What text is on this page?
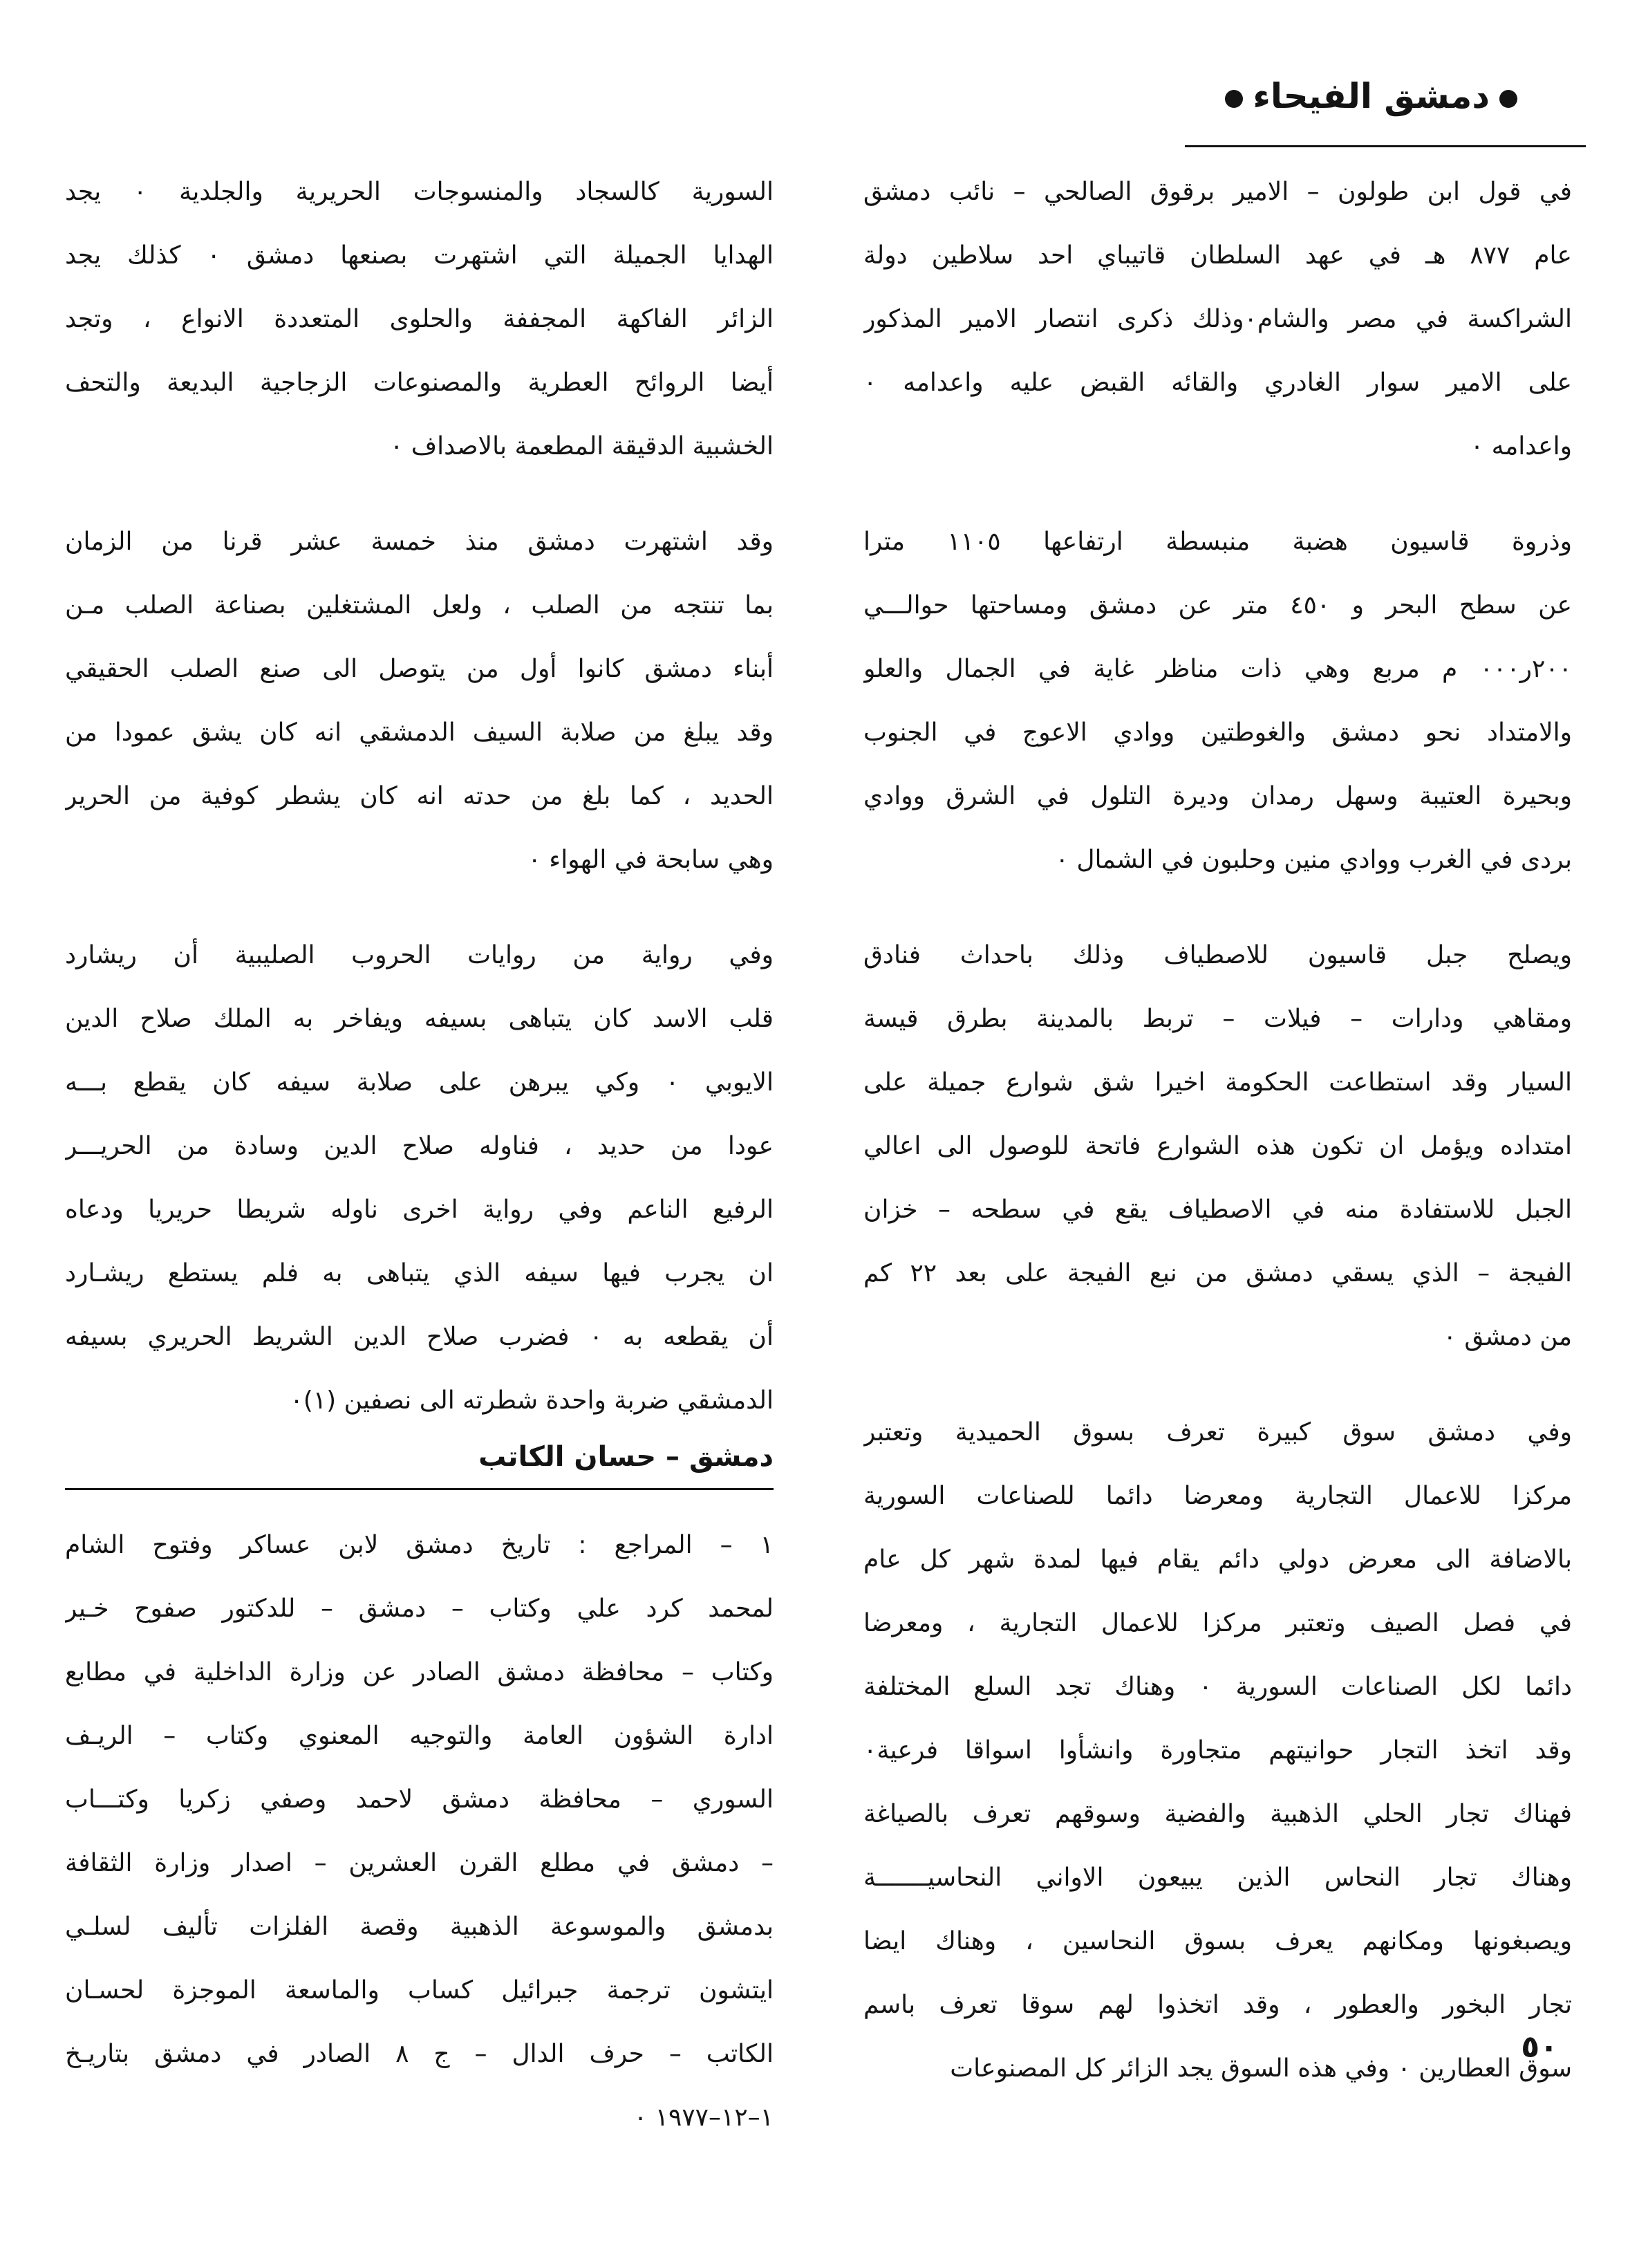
دمشق الفيحاء
في قول ابن طولون – الامير برقوق الصالحي – نائب دمشق
عام ٨٧٧ هـ في عهد السلطان قاتيباي احد سلاطين دولة
الشراكسة في مصر والشام٠وذلك ذكرى انتصار الامير المذكور
على الامير سوار الغادري والقائه القبض عليه واعدامه ٠
واعدامه ٠
وذروة قاسيون هضبة منبسطة ارتفاعها ١١٠٥ مترا
عن سطح البحر و ٤٥٠ متر عن دمشق ومساحتها حوالـــي
٢٠٠ر٠٠٠ م مربع وهي ذات مناظر غاية في الجمال والعلو
والامتداد نحو دمشق والغوطتين ووادي الاعوج في الجنوب
وبحيرة العتيبة وسهل رمدان وديرة التلول في الشرق ووادي
بردى في الغرب ووادي منين وحلبون في الشمال ٠
ويصلح جبل قاسيون للاصطياف وذلك باحداث فنادق
ومقاهي ودارات – فيلات – تربط بالمدينة بطرق قيسة
السيار وقد استطاعت الحكومة اخيرا شق شوارع جميلة على
امتداده ويؤمل ان تكون هذه الشوارع فاتحة للوصول الى اعالي
الجبل للاستفادة منه في الاصطياف يقع في سطحه – خزان
الفيجة – الذي يسقي دمشق من نبع الفيجة على بعد ٢٢ كم
من دمشق ٠
وفي دمشق سوق كبيرة تعرف بسوق الحميدية وتعتبر
مركزا للاعمال التجارية ومعرضا دائما للصناعات السورية
بالاضافة الى معرض دولي دائم يقام فيها لمدة شهر كل عام
في فصل الصيف وتعتبر مركزا للاعمال التجارية ، ومعرضا
دائما لكل الصناعات السورية ٠ وهناك تجد السلع المختلفة
وقد اتخذ التجار حوانيتهم متجاورة وانشأوا اسواقا فرعية٠
فهناك تجار الحلي الذهبية والفضية وسوقهم تعرف بالصياغة
وهناك تجار النحاس الذين يبيعون الاواني النحاسيـــــــة
ويصبغونها ومكانهم يعرف بسوق النحاسين ، وهناك ايضا
تجار البخور والعطور ، وقد اتخذوا لهم سوقا تعرف باسم
سوق العطارين ٠ وفي هذه السوق يجد الزائر كل المصنوعات
السورية كالسجاد والمنسوجات الحريرية والجلدية ٠ يجد
الهدايا الجميلة التي اشتهرت بصنعها دمشق ٠ كذلك يجد
الزائر الفاكهة المجففة والحلوى المتعددة الانواع ، وتجد
أيضا الروائح العطرية والمصنوعات الزجاجية البديعة والتحف
الخشبية الدقيقة المطعمة بالاصداف ٠
وقد اشتهرت دمشق منذ خمسة عشر قرنا من الزمان
بما تنتجه من الصلب ، ولعل المشتغلين بصناعة الصلب مـن
أبناء دمشق كانوا أول من يتوصل الى صنع الصلب الحقيقي
وقد يبلغ من صلابة السيف الدمشقي انه كان يشق عمودا من
الحديد ، كما بلغ من حدته انه كان يشطر كوفية من الحرير
وهي سابحة في الهواء ٠
وفي رواية من روايات الحروب الصليبية أن ريشارد
قلب الاسد كان يتباهى بسيفه ويفاخر به الملك صلاح الدين
الايوبي ٠ وكي يبرهن على صلابة سيفه كان يقطع بـــه
عودا من حديد ، فناوله صلاح الدين وسادة من الحريـــر
الرفيع الناعم وفي رواية اخرى ناوله شريطا حريريا ودعاه
ان يجرب فيها سيفه الذي يتباهى به فلم يستطع ريشـارد
أن يقطعه به ٠ فضرب صلاح الدين الشريط الحريري بسيفه
الدمشقي ضربة واحدة شطرته الى نصفين (١)٠
دمشق – حسان الكاتب
١ – المراجع : تاريخ دمشق لابن عساكر وفتوح الشام
لمحمد كرد علي وكتاب – دمشق – للدكتور صفوح خـير
وكتاب – محافظة دمشق الصادر عن وزارة الداخلية في مطابع
ادارة الشؤون العامة والتوجيه المعنوي وكتاب – الريـف
السوري – محافظة دمشق لاحمد وصفي زكريا وكتـــاب
– دمشق في مطلع القرن العشرين – اصدار وزارة الثقافة
بدمشق والموسوعة الذهبية وقصة الفلزات تأليف لسلـي
ايتشون ترجمة جبرائيل كساب والماسعة الموجزة لحسـان
الكاتب – حرف الدال – ج ٨ الصادر في دمشق بتاريـخ
١–١٢–١٩٧٧ ٠
٥٠
